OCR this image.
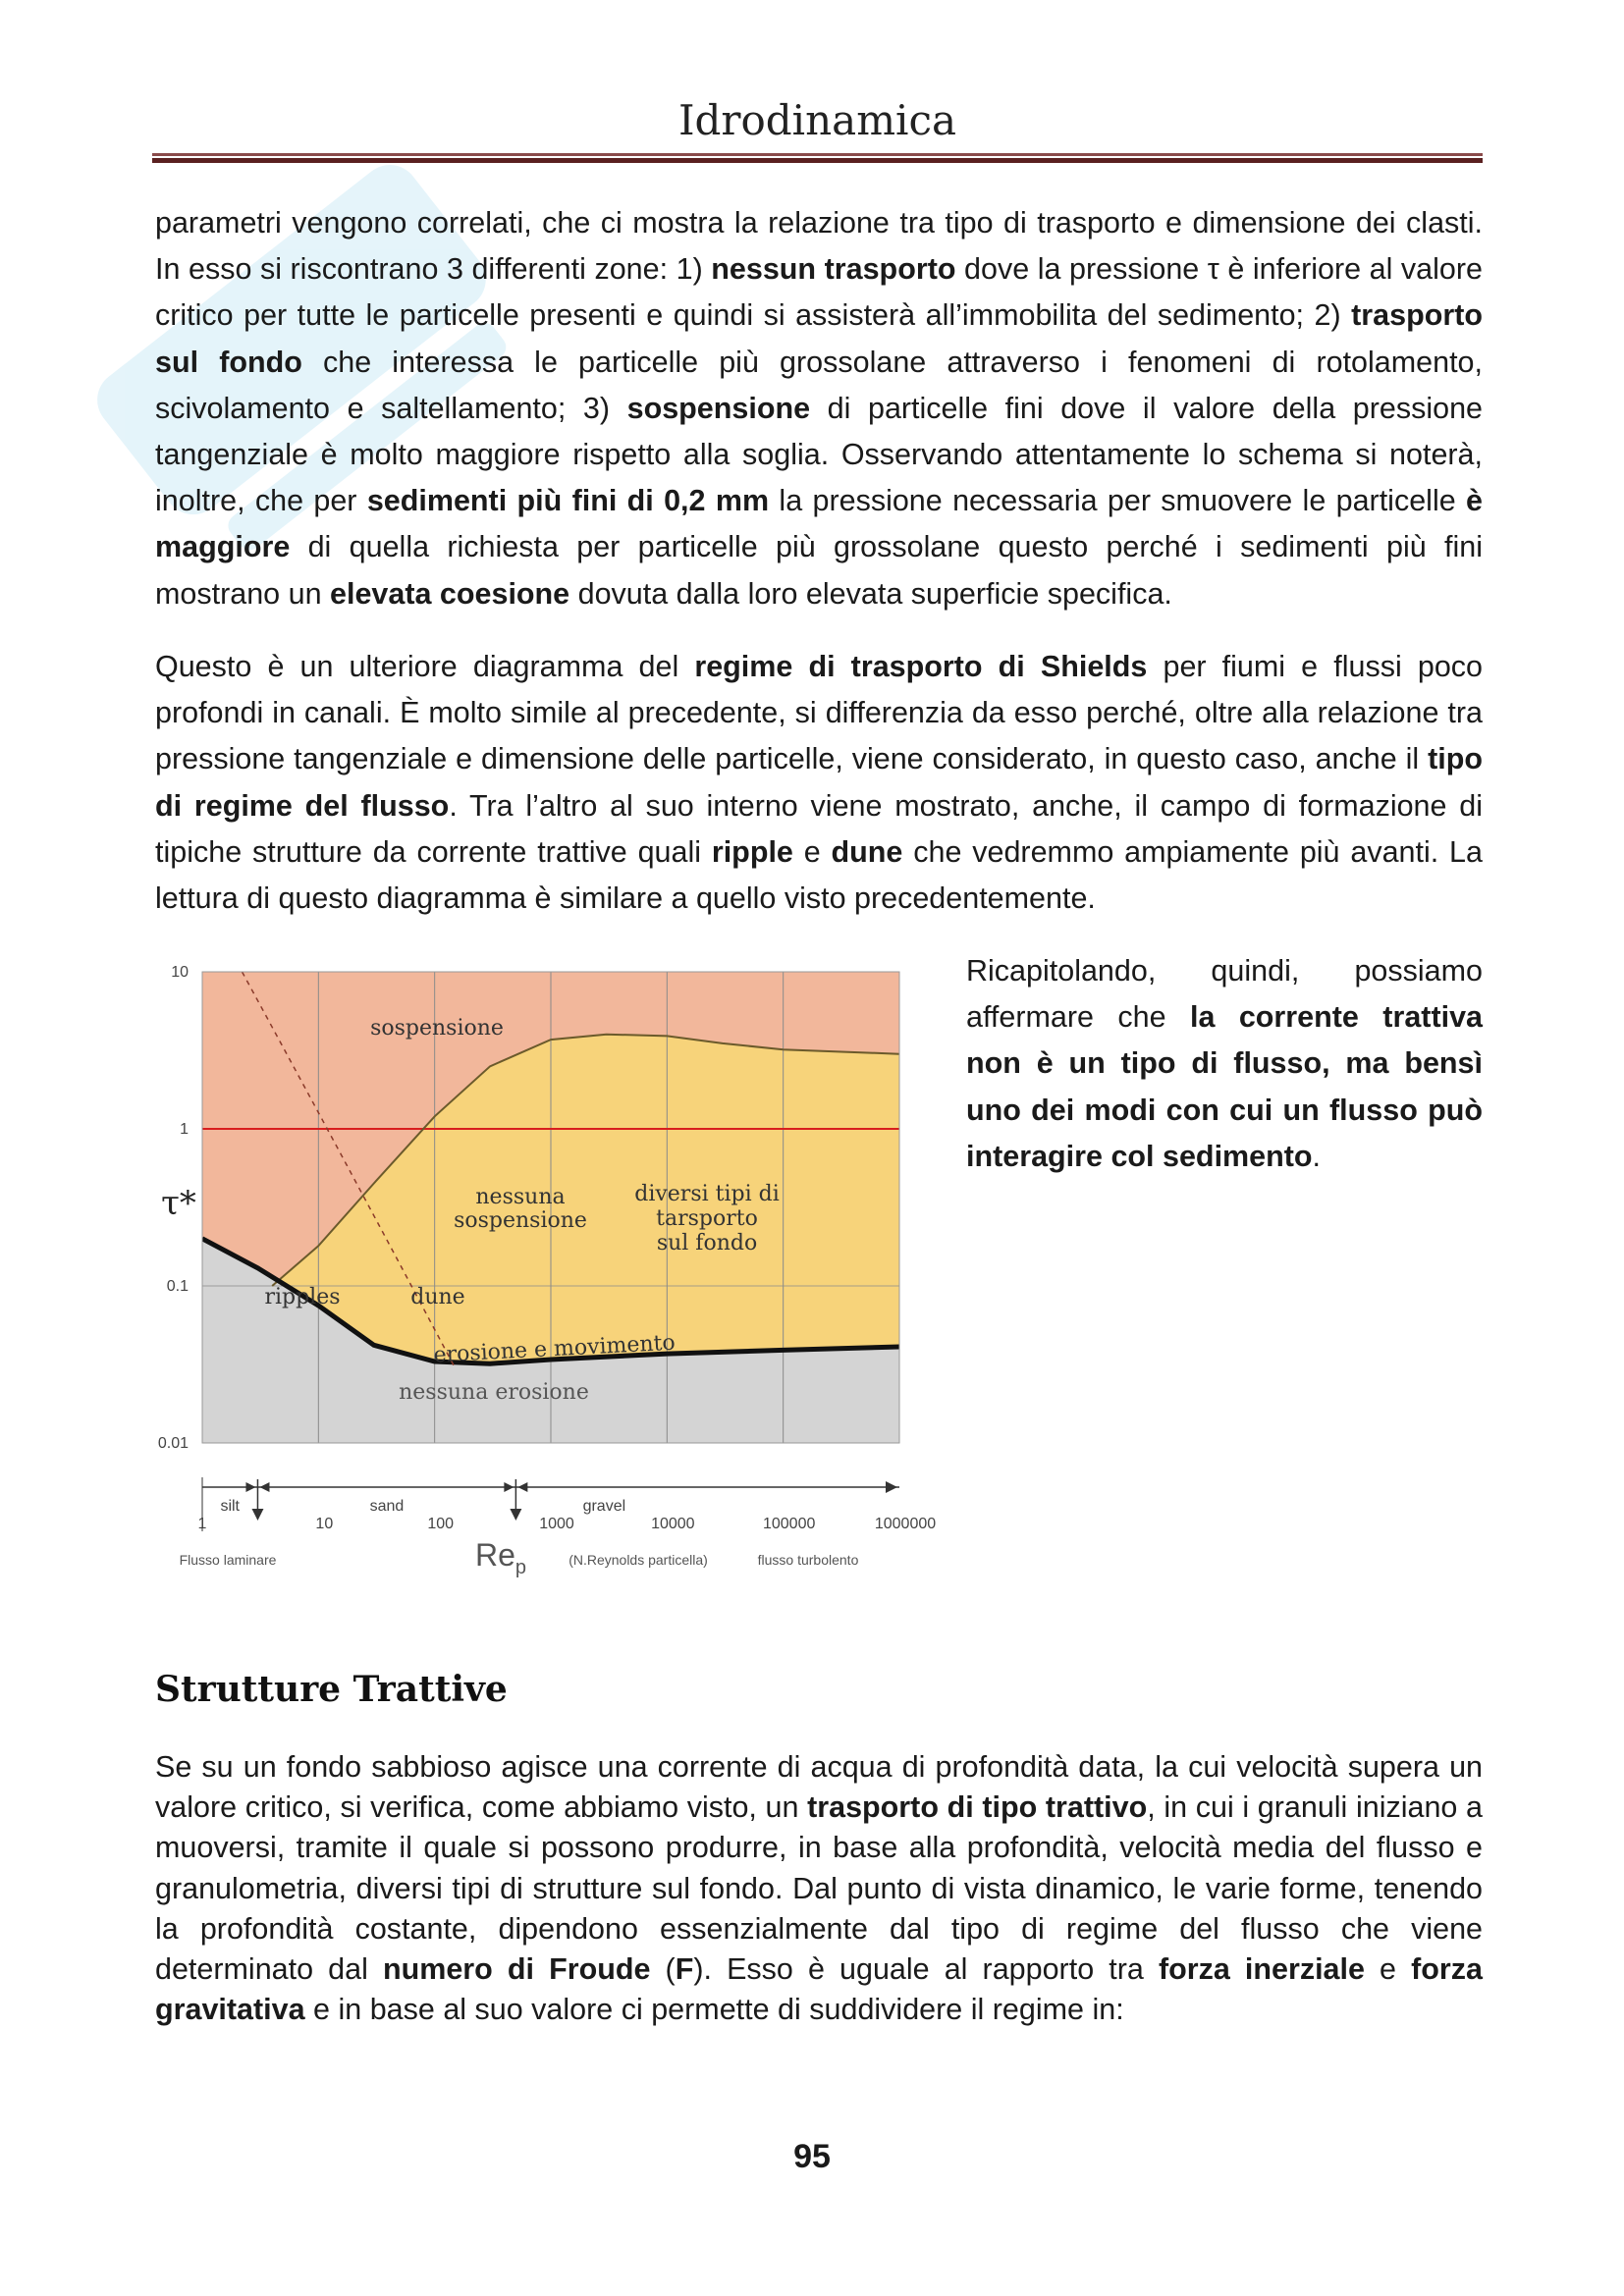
Idrodinamica

parametri vengono correlati, che ci mostra la relazione tra tipo di trasporto e dimensione dei clasti. In esso si riscontrano 3 differenti zone: 1) nessun trasporto dove la pressione τ è inferiore al valore critico per tutte le particelle presenti e quindi si assisterà all’immobilita del sedimento; 2) trasporto sul fondo che interessa le particelle più grossolane attraverso i fenomeni di rotolamento, scivolamento e saltellamento; 3) sospensione di particelle fini dove il valore della pressione tangenziale è molto maggiore rispetto alla soglia. Osservando attentamente lo schema si noterà, inoltre, che per sedimenti più fini di 0,2 mm la pressione necessaria per smuovere le particelle è maggiore di quella richiesta per particelle più grossolane questo perché i sedimenti più fini mostrano un elevata coesione dovuta dalla loro elevata superficie specifica.

Questo è un ulteriore diagramma del regime di trasporto di Shields per fiumi e flussi poco profondi in canali. È molto simile al precedente, si differenzia da esso perché, oltre alla relazione tra pressione tangenziale e dimensione delle particelle, viene considerato, in questo caso, anche il tipo di regime del flusso. Tra l’altro al suo interno viene mostrato, anche, il campo di formazione di tipiche strutture da corrente trattive quali ripple e dune che vedremmo ampiamente più avanti. La lettura di questo diagramma è similare a quello visto precedentemente.

10
1
0.1
0.01
1	10	100	1000	10000	100000	1000000
τ*
$Re_p$	(N.Reynolds particella)
Flusso laminare	flusso turbolento
silt	sand	gravel
sospensione
nessuna sospensione
diversi tipi di tarsporto sul fondo
ripples	dune
erosione e movimento
nessuna erosione

Ricapitolando, quindi, possiamo affermare che la corrente trattiva non è un tipo di flusso, ma bensì uno dei modi con cui un flusso può interagire col sedimento.

Strutture Trattive

Se su un fondo sabbioso agisce una corrente di acqua di profondità data, la cui velocità supera un valore critico, si verifica, come abbiamo visto, un trasporto di tipo trattivo, in cui i granuli iniziano a muoversi, tramite il quale si possono produrre, in base alla profondità, velocità media del flusso e granulometria, diversi tipi di strutture sul fondo. Dal punto di vista dinamico, le varie forme, tenendo la profondità costante, dipendono essenzialmente dal tipo di regime del flusso che viene determinato dal numero di Froude (F). Esso è uguale al rapporto tra forza inerziale e forza gravitativa e in base al suo valore ci permette di suddividere il regime in:

95
